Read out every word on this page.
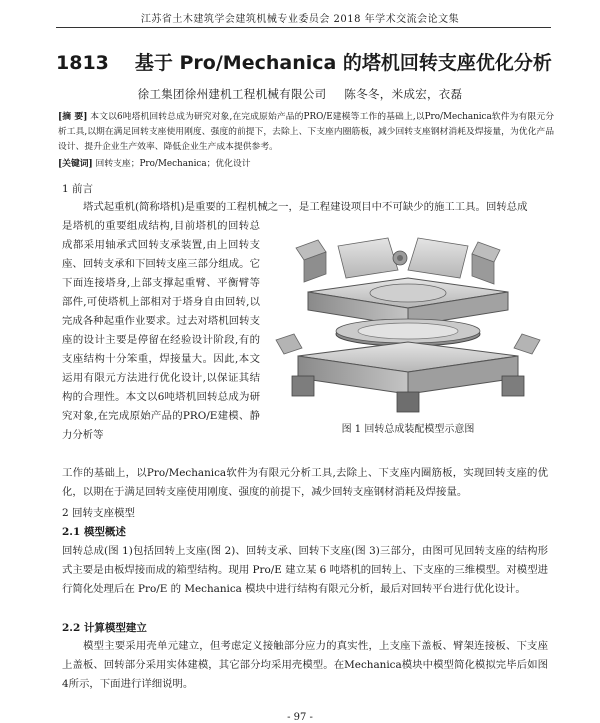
江苏省土木建筑学会建筑机械专业委员会 2018 年学术交流会论文集
1813 基于 Pro/Mechanica 的塔机回转支座优化分析
徐工集团徐州建机工程机械有限公司 陈冬冬，米成宏，衣磊
[摘 要] 本文以6吨塔机回转总成为研究对象,在完成原始产品的PRO/E建模等工作的基础上,以Pro/Mechanica软件为有限元分析工具,以期在满足回转支座使用刚度、强度的前提下，去除上、下支座内圈筋板，减少回转支座钢材消耗及焊接量，为优化产品设计、提升企业生产效率、降低企业生产成本提供参考。
[关键词] 回转支座；Pro/Mechanica；优化设计
1 前言
塔式起重机(简称塔机)是重要的工程机械之一，是工程建设项目中不可缺少的施工工具。回转总成
是塔机的重要组成结构,目前塔机的回转总成都采用轴承式回转支承装置,由上回转支座、回转支承和下回转支座三部分组成。它下面连接塔身,上部支撑起重臂、平衡臂等部件,可使塔机上部相对于塔身自由回转,以完成各种起重作业要求。过去对塔机回转支座的设计主要是停留在经验设计阶段,有的支座结构十分笨重，焊接量大。因此,本文运用有限元方法进行优化设计,以保证其结构的合理性。本文以6吨塔机回转总成为研究对象,在完成原始产品的PRO/E建模、静力分析等
工作的基础上，以Pro/Mechanica软件为有限元分析工具,去除上、下支座内圈筋板，实现回转支座的优化，以期在于满足回转支座使用刚度、强度的前提下，减少回转支座钢材消耗及焊接量。
2 回转支座模型
2.1 模型概述
回转总成(图 1)包括回转上支座(图 2)、回转支承、回转下支座(图 3)三部分，由图可见回转支座的结构形式主要是由板焊接而成的箱型结构。现用 Pro/E 建立某 6 吨塔机的回转上、下支座的三维模型。对模型进行简化处理后在 Pro/E 的 Mechanica 模块中进行结构有限元分析，最后对回转平台进行优化设计。
2.2 计算模型建立
模型主要采用壳单元建立，但考虑定义接触部分应力的真实性，上支座下盖板、臂架连接板、下支座上盖板、回转部分采用实体建模，其它部分均采用壳模型。在Mechanica模块中模型简化模拟完毕后如图4所示，下面进行详细说明。
图 1 回转总成装配模型示意图
- 97 -
